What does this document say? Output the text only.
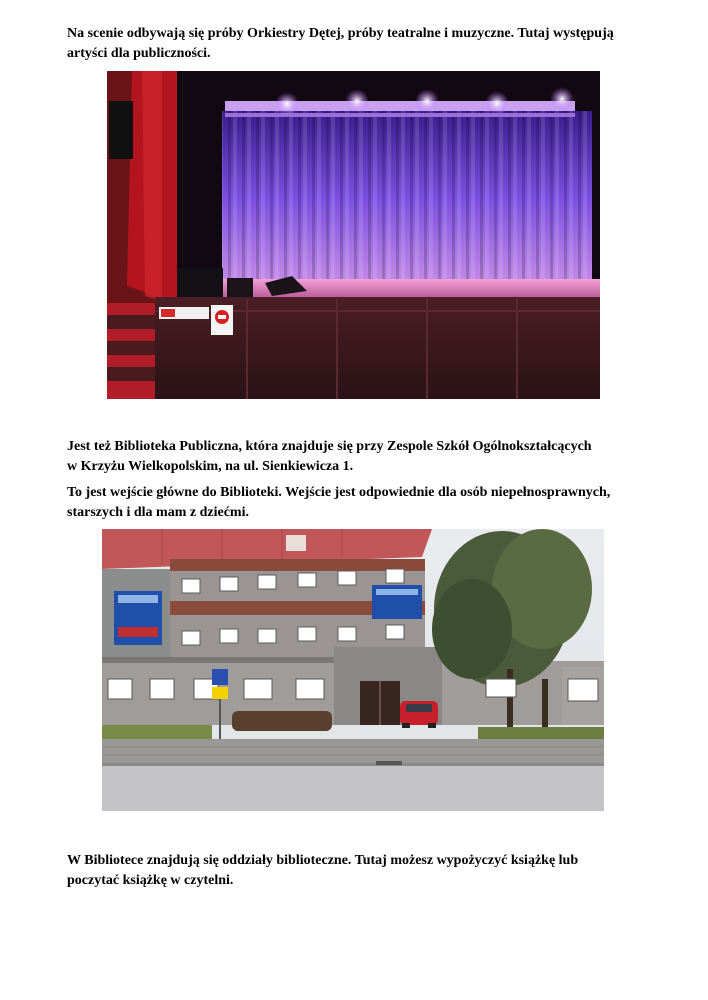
Na scenie odbywają się próby Orkiestry Dętej, próby teatralne i muzyczne. Tutaj występują
artyści dla publiczności.

Jest też Biblioteka Publiczna, która znajduje się przy Zespole Szkół Ogólnokształcących
w Krzyżu Wielkopolskim, na ul. Sienkiewicza 1.

To jest wejście główne do Biblioteki. Wejście jest odpowiednie dla osób niepełnosprawnych,
starszych i dla mam z dziećmi.

W Bibliotece znajdują się oddziały biblioteczne. Tutaj możesz wypożyczyć książkę lub
poczytać książkę w czytelni.
